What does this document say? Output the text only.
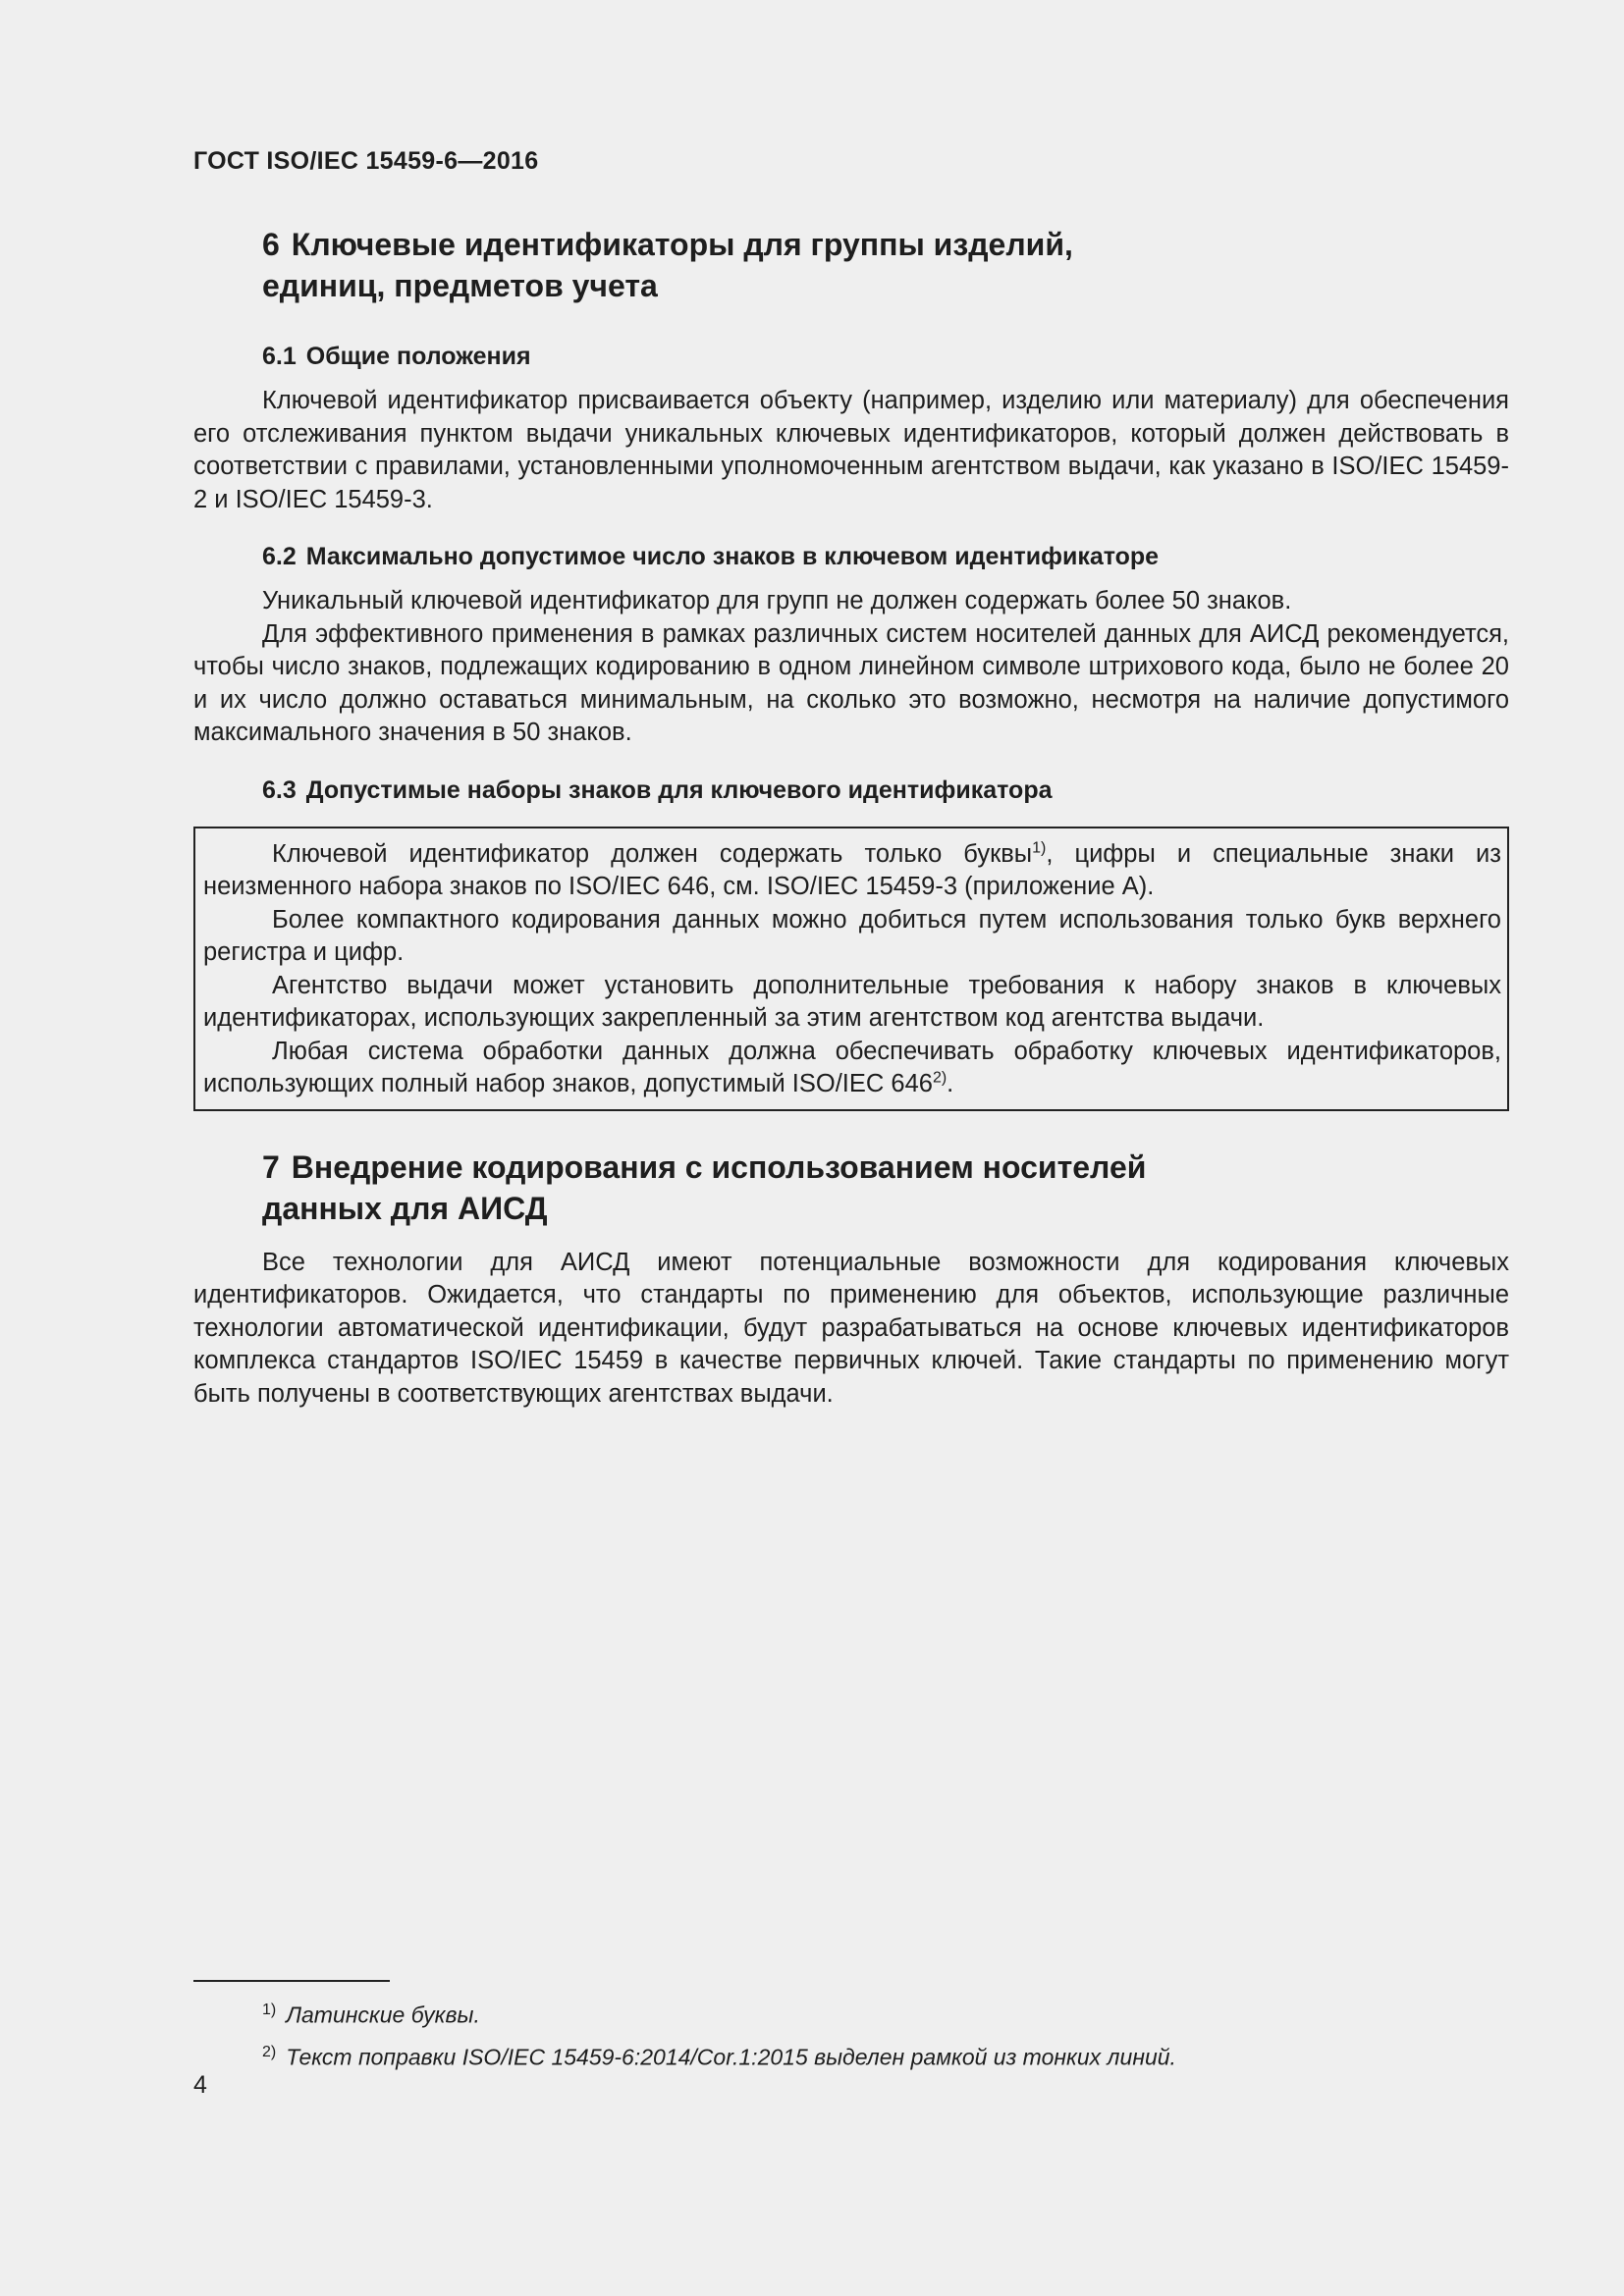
ГОСТ ISO/IEC 15459-6—2016
6 Ключевые идентификаторы для группы изделий,
единиц, предметов учета
6.1 Общие положения

Ключевой идентификатор присваивается объекту (например, изделию или материалу) для обеспечения его отслеживания пунктом выдачи уникальных ключевых идентификаторов, который должен действовать в соответствии с правилами, установленными уполномоченным агентством выдачи, как указано в ISO/IEC 15459-2 и ISO/IEC 15459-3.

6.2 Максимально допустимое число знаков в ключевом идентификаторе

Уникальный ключевой идентификатор для групп не должен содержать более 50 знаков.

Для эффективного применения в рамках различных систем носителей данных для АИСД рекомендуется, чтобы число знаков, подлежащих кодированию в одном линейном символе штрихового кода, было не более 20 и их число должно оставаться минимальным, на сколько это возможно, несмотря на наличие допустимого максимального значения в 50 знаков.

6.3 Допустимые наборы знаков для ключевого идентификатора

Ключевой идентификатор должен содержать только буквы$^{1)}$, цифры и специальные знаки из неизменного набора знаков по ISO/IEC 646, см. ISO/IEC 15459-3 (приложение А).

Более компактного кодирования данных можно добиться путем использования только букв верхнего регистра и цифр.

Агентство выдачи может установить дополнительные требования к набору знаков в ключевых идентификаторах, использующих закрепленный за этим агентством код агентства выдачи.

Любая система обработки данных должна обеспечивать обработку ключевых идентификаторов, использующих полный набор знаков, допустимый ISO/IEC 646$^{2)}$.

7 Внедрение кодирования с использованием носителей
данных для АИСД

Все технологии для АИСД имеют потенциальные возможности для кодирования ключевых идентификаторов. Ожидается, что стандарты по применению для объектов, использующие различные технологии автоматической идентификации, будут разрабатываться на основе ключевых идентификаторов комплекса стандартов ISO/IEC 15459 в качестве первичных ключей. Такие стандарты по применению могут быть получены в соответствующих агентствах выдачи.

$^{1)}$ Латинские буквы.
$^{2)}$ Текст поправки ISO/IEC 15459-6:2014/Cor.1:2015 выделен рамкой из тонких линий.
4
